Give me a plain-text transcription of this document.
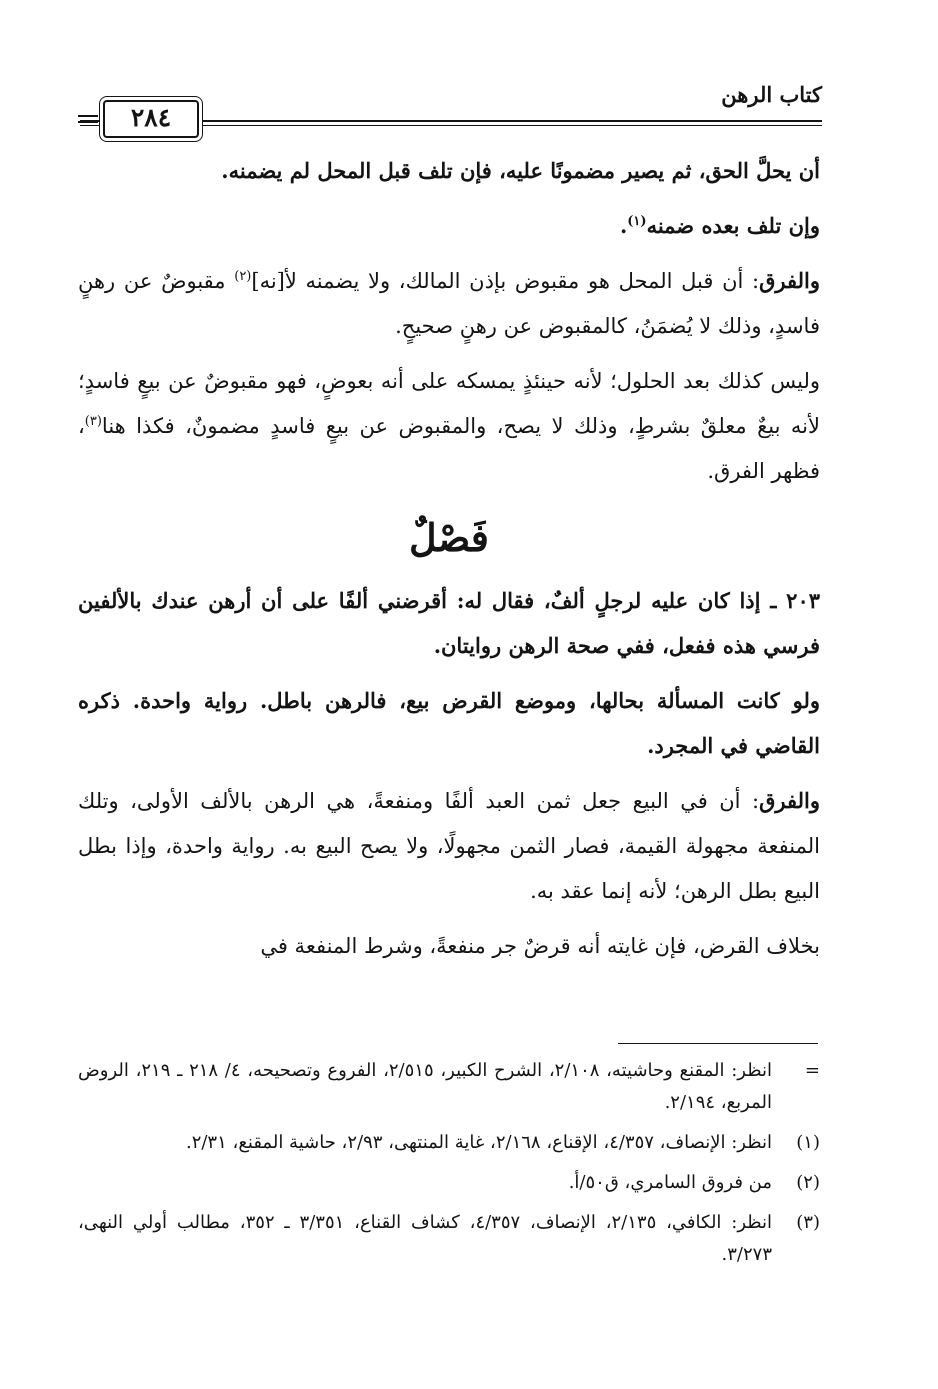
كتاب الرهن
٢٨٤

أن يحلَّ الحق، ثم يصير مضمونًا عليه، فإن تلف قبل المحل لم يضمنه.

وإن تلف بعده ضمنه$^{(١)}$.

والفرق: أن قبل المحل هو مقبوض بإذن المالك، ولا يضمنه لأ[نه]$^{(٢)}$ مقبوضٌ عن رهنٍ فاسدٍ، وذلك لا يُضمَنُ، كالمقبوض عن رهنٍ صحيحٍ.

وليس كذلك بعد الحلول؛ لأنه حينئذٍ يمسكه على أنه بعوضٍ، فهو مقبوضٌ عن بيعٍ فاسدٍ؛ لأنه بيعٌ معلقٌ بشرطٍ، وذلك لا يصح، والمقبوض عن بيعٍ فاسدٍ مضمونٌ، فكذا هنا$^{(٣)}$، فظهر الفرق.

فَصْلٌ

٢٠٣ ـ إذا كان عليه لرجلٍ ألفٌ، فقال له: أقرضني ألفًا على أن أرهن عندك بالألفين فرسي هذه ففعل، ففي صحة الرهن روايتان.

ولو كانت المسألة بحالها، وموضع القرض بيع، فالرهن باطل. رواية واحدة. ذكره القاضي في المجرد.

والفرق: أن في البيع جعل ثمن العبد ألفًا ومنفعةً، هي الرهن بالألف الأولى، وتلك المنفعة مجهولة القيمة، فصار الثمن مجهولًا، ولا يصح البيع به. رواية واحدة، وإذا بطل البيع بطل الرهن؛ لأنه إنما عقد به.

بخلاف القرض، فإن غايته أنه قرضٌ جر منفعةً، وشرط المنفعة في

=
انظر: المقنع وحاشيته، ٢/١٠٨، الشرح الكبير، ٢/٥١٥، الفروع وتصحيحه، ٤/ ٢١٨ ـ ٢١٩، الروض المربع، ٢/١٩٤.
(١)
انظر: الإنصاف، ٤/٣٥٧، الإقناع، ٢/١٦٨، غاية المنتهى، ٢/٩٣، حاشية المقنع، ٢/٣١.
(٢)
من فروق السامري، ق٥٠/أ.
(٣)
انظر: الكافي، ٢/١٣٥، الإنصاف، ٤/٣٥٧، كشاف القناع، ٣/٣٥١ ـ ٣٥٢، مطالب أولي النهى، ٣/٢٧٣.
